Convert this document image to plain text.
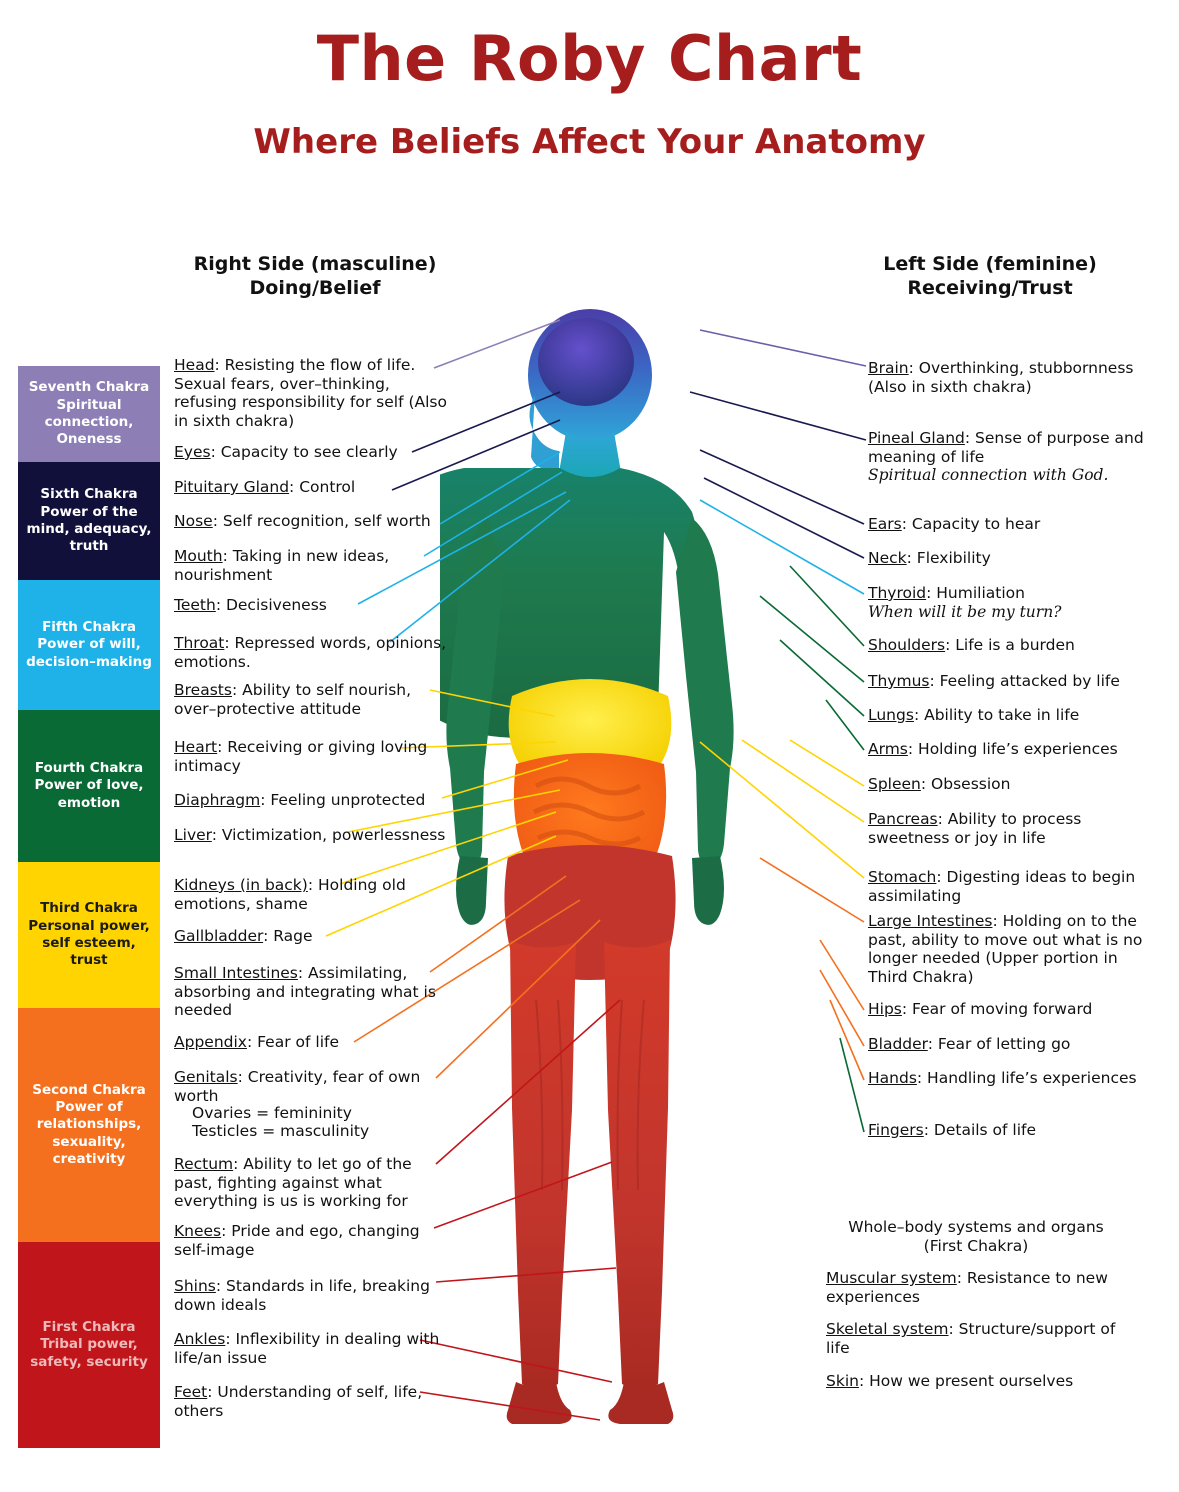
The Roby Chart
Where Beliefs Affect Your Anatomy
Right Side (masculine)
Doing/Belief
Left Side (feminine)
Receiving/Trust
Seventh Chakra Spiritual connection, Oneness
Sixth Chakra Power of the mind, adequacy, truth
Fifth Chakra Power of will, decision–making
Fourth Chakra Power of love, emotion
Third Chakra Personal power, self esteem, trust
Second Chakra Power of relationships, sexuality, creativity
First Chakra Tribal power, safety, security
Head: Resisting the flow of life. Sexual fears, over–thinking, refusing responsibility for self (Also in sixth chakra)
Eyes: Capacity to see clearly
Pituitary Gland: Control
Nose: Self recognition, self worth
Mouth: Taking in new ideas, nourishment
Teeth: Decisiveness
Throat: Repressed words, opinions, emotions.
Breasts: Ability to self nourish, over–protective attitude
Heart: Receiving or giving loving intimacy
Diaphragm: Feeling unprotected
Liver: Victimization, powerlessness
Kidneys (in back): Holding old emotions, shame
Gallbladder: Rage
Small Intestines: Assimilating, absorbing and integrating what is needed
Appendix: Fear of life
Genitals: Creativity, fear of own worth
Ovaries = femininity
Testicles = masculinity
Rectum: Ability to let go of the past, fighting against what everything is us is working for
Knees: Pride and ego, changing self-image
Shins: Standards in life, breaking down ideals
Ankles: Inflexibility in dealing with life/an issue
Feet: Understanding of self, life, others
Brain: Overthinking, stubbornness (Also in sixth chakra)
Pineal Gland: Sense of purpose and meaning of life
Spiritual connection with God.
Ears: Capacity to hear
Neck: Flexibility
Thyroid: Humiliation
When will it be my turn?
Shoulders: Life is a burden
Thymus: Feeling attacked by life
Lungs: Ability to take in life
Arms: Holding life’s experiences
Spleen: Obsession
Pancreas: Ability to process sweetness or joy in life
Stomach: Digesting ideas to begin assimilating
Large Intestines: Holding on to the past, ability to move out what is no longer needed (Upper portion in Third Chakra)
Hips: Fear of moving forward
Bladder: Fear of letting go
Hands: Handling life’s experiences
Fingers: Details of life

Whole–body systems and organs
(First Chakra)

Muscular system: Resistance to new experiences

Skeletal system: Structure/support of life

Skin: How we present ourselves
